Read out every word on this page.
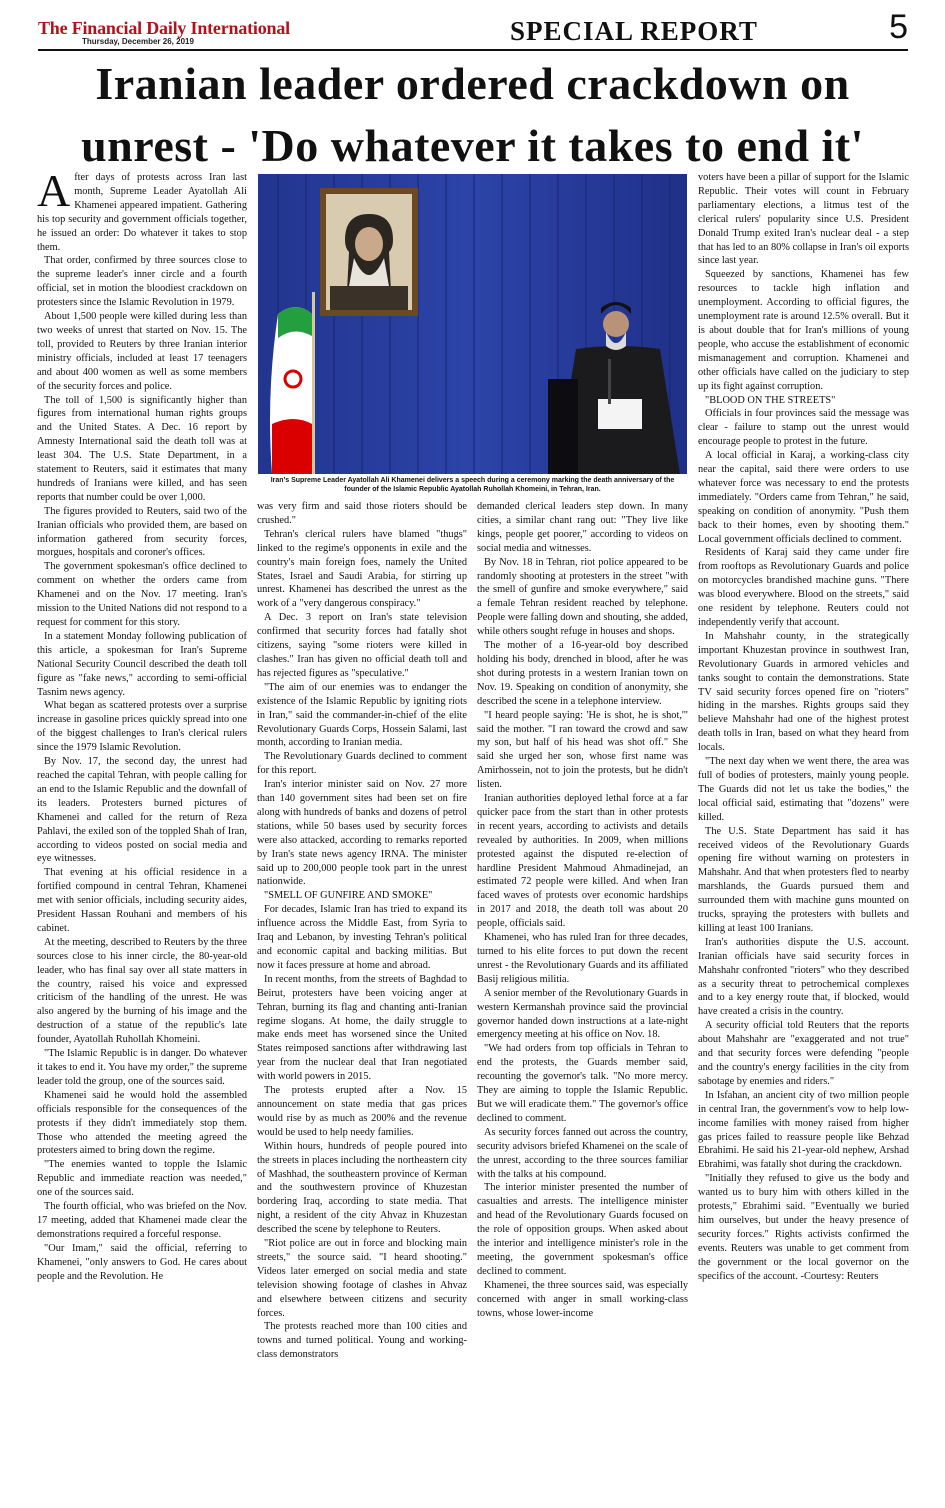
The Financial Daily International
Thursday, December 26, 2019	SPECIAL REPORT	5
Iranian leader ordered crackdown on unrest - 'Do whatever it takes to end it'
Iran's Supreme Leader Ayatollah Ali Khamenei delivers a speech during a ceremony marking the death anniversary of the founder of the Islamic Republic Ayatollah Ruhollah Khomeini, in Tehran, Iran.

After days of protests across Iran last month, Supreme Leader Ayatollah Ali Khamenei appeared impatient. Gathering his top security and government officials together, he issued an order: Do whatever it takes to stop them.

That order, confirmed by three sources close to the supreme leader's inner circle and a fourth official, set in motion the bloodiest crackdown on protesters since the Islamic Revolution in 1979.

About 1,500 people were killed during less than two weeks of unrest that started on Nov. 15. The toll, provided to Reuters by three Iranian interior ministry officials, included at least 17 teenagers and about 400 women as well as some members of the security forces and police.

The toll of 1,500 is significantly higher than figures from international human rights groups and the United States. A Dec. 16 report by Amnesty International said the death toll was at least 304. The U.S. State Department, in a statement to Reuters, said it estimates that many hundreds of Iranians were killed, and has seen reports that number could be over 1,000.

The figures provided to Reuters, said two of the Iranian officials who provided them, are based on information gathered from security forces, morgues, hospitals and coroner's offices.

The government spokesman's office declined to comment on whether the orders came from Khamenei and on the Nov. 17 meeting. Iran's mission to the United Nations did not respond to a request for comment for this story.

In a statement Monday following publication of this article, a spokesman for Iran's Supreme National Security Council described the death toll figure as "fake news," according to semi-official Tasnim news agency.

What began as scattered protests over a surprise increase in gasoline prices quickly spread into one of the biggest challenges to Iran's clerical rulers since the 1979 Islamic Revolution.

By Nov. 17, the second day, the unrest had reached the capital Tehran, with people calling for an end to the Islamic Republic and the downfall of its leaders. Protesters burned pictures of Khamenei and called for the return of Reza Pahlavi, the exiled son of the toppled Shah of Iran, according to videos posted on social media and eye witnesses.

That evening at his official residence in a fortified compound in central Tehran, Khamenei met with senior officials, including security aides, President Hassan Rouhani and members of his cabinet.

At the meeting, described to Reuters by the three sources close to his inner circle, the 80-year-old leader, who has final say over all state matters in the country, raised his voice and expressed criticism of the handling of the unrest. He was also angered by the burning of his image and the destruction of a statue of the republic's late founder, Ayatollah Ruhollah Khomeini.

"The Islamic Republic is in danger. Do whatever it takes to end it. You have my order," the supreme leader told the group, one of the sources said.

Khamenei said he would hold the assembled officials responsible for the consequences of the protests if they didn't immediately stop them. Those who attended the meeting agreed the protesters aimed to bring down the regime.

"The enemies wanted to topple the Islamic Republic and immediate reaction was needed," one of the sources said.

The fourth official, who was briefed on the Nov. 17 meeting, added that Khamenei made clear the demonstrations required a forceful response.

"Our Imam," said the official, referring to Khamenei, "only answers to God. He cares about people and the Revolution. He

was very firm and said those rioters should be crushed."

Tehran's clerical rulers have blamed "thugs" linked to the regime's opponents in exile and the country's main foreign foes, namely the United States, Israel and Saudi Arabia, for stirring up unrest. Khamenei has described the unrest as the work of a "very dangerous conspiracy."

A Dec. 3 report on Iran's state television confirmed that security forces had fatally shot citizens, saying "some rioters were killed in clashes." Iran has given no official death toll and has rejected figures as "speculative."

"The aim of our enemies was to endanger the existence of the Islamic Republic by igniting riots in Iran," said the commander-in-chief of the elite Revolutionary Guards Corps, Hossein Salami, last month, according to Iranian media.

The Revolutionary Guards declined to comment for this report.

Iran's interior minister said on Nov. 27 more than 140 government sites had been set on fire along with hundreds of banks and dozens of petrol stations, while 50 bases used by security forces were also attacked, according to remarks reported by Iran's state news agency IRNA. The minister said up to 200,000 people took part in the unrest nationwide.

"SMELL OF GUNFIRE AND SMOKE"

For decades, Islamic Iran has tried to expand its influence across the Middle East, from Syria to Iraq and Lebanon, by investing Tehran's political and economic capital and backing militias. But now it faces pressure at home and abroad.

In recent months, from the streets of Baghdad to Beirut, protesters have been voicing anger at Tehran, burning its flag and chanting anti-Iranian regime slogans. At home, the daily struggle to make ends meet has worsened since the United States reimposed sanctions after withdrawing last year from the nuclear deal that Iran negotiated with world powers in 2015.

The protests erupted after a Nov. 15 announcement on state media that gas prices would rise by as much as 200% and the revenue would be used to help needy families.

Within hours, hundreds of people poured into the streets in places including the northeastern city of Mashhad, the southeastern province of Kerman and the southwestern province of Khuzestan bordering Iraq, according to state media. That night, a resident of the city Ahvaz in Khuzestan described the scene by telephone to Reuters.

"Riot police are out in force and blocking main streets," the source said. "I heard shooting." Videos later emerged on social media and state television showing footage of clashes in Ahvaz and elsewhere between citizens and security forces.

The protests reached more than 100 cities and towns and turned political. Young and working-class demonstrators

demanded clerical leaders step down. In many cities, a similar chant rang out: "They live like kings, people get poorer," according to videos on social media and witnesses.

By Nov. 18 in Tehran, riot police appeared to be randomly shooting at protesters in the street "with the smell of gunfire and smoke everywhere," said a female Tehran resident reached by telephone. People were falling down and shouting, she added, while others sought refuge in houses and shops.

The mother of a 16-year-old boy described holding his body, drenched in blood, after he was shot during protests in a western Iranian town on Nov. 19. Speaking on condition of anonymity, she described the scene in a telephone interview.

"I heard people saying: 'He is shot, he is shot,'" said the mother. "I ran toward the crowd and saw my son, but half of his head was shot off." She said she urged her son, whose first name was Amirhossein, not to join the protests, but he didn't listen.

Iranian authorities deployed lethal force at a far quicker pace from the start than in other protests in recent years, according to activists and details revealed by authorities. In 2009, when millions protested against the disputed re-election of hardline President Mahmoud Ahmadinejad, an estimated 72 people were killed. And when Iran faced waves of protests over economic hardships in 2017 and 2018, the death toll was about 20 people, officials said.

Khamenei, who has ruled Iran for three decades, turned to his elite forces to put down the recent unrest - the Revolutionary Guards and its affiliated Basij religious militia.

A senior member of the Revolutionary Guards in western Kermanshah province said the provincial governor handed down instructions at a late-night emergency meeting at his office on Nov. 18.

"We had orders from top officials in Tehran to end the protests, the Guards member said, recounting the governor's talk. "No more mercy. They are aiming to topple the Islamic Republic. But we will eradicate them." The governor's office declined to comment.

As security forces fanned out across the country, security advisors briefed Khamenei on the scale of the unrest, according to the three sources familiar with the talks at his compound.

The interior minister presented the number of casualties and arrests. The intelligence minister and head of the Revolutionary Guards focused on the role of opposition groups. When asked about the interior and intelligence minister's role in the meeting, the government spokesman's office declined to comment.

Khamenei, the three sources said, was especially concerned with anger in small working-class towns, whose lower-income

voters have been a pillar of support for the Islamic Republic. Their votes will count in February parliamentary elections, a litmus test of the clerical rulers' popularity since U.S. President Donald Trump exited Iran's nuclear deal - a step that has led to an 80% collapse in Iran's oil exports since last year.

Squeezed by sanctions, Khamenei has few resources to tackle high inflation and unemployment. According to official figures, the unemployment rate is around 12.5% overall. But it is about double that for Iran's millions of young people, who accuse the establishment of economic mismanagement and corruption. Khamenei and other officials have called on the judiciary to step up its fight against corruption.

"BLOOD ON THE STREETS"

Officials in four provinces said the message was clear - failure to stamp out the unrest would encourage people to protest in the future.

A local official in Karaj, a working-class city near the capital, said there were orders to use whatever force was necessary to end the protests immediately. "Orders came from Tehran," he said, speaking on condition of anonymity. "Push them back to their homes, even by shooting them." Local government officials declined to comment.

Residents of Karaj said they came under fire from rooftops as Revolutionary Guards and police on motorcycles brandished machine guns. "There was blood everywhere. Blood on the streets," said one resident by telephone. Reuters could not independently verify that account.

In Mahshahr county, in the strategically important Khuzestan province in southwest Iran, Revolutionary Guards in armored vehicles and tanks sought to contain the demonstrations. State TV said security forces opened fire on "rioters" hiding in the marshes. Rights groups said they believe Mahshahr had one of the highest protest death tolls in Iran, based on what they heard from locals.

"The next day when we went there, the area was full of bodies of protesters, mainly young people. The Guards did not let us take the bodies," the local official said, estimating that "dozens" were killed.

The U.S. State Department has said it has received videos of the Revolutionary Guards opening fire without warning on protesters in Mahshahr. And that when protesters fled to nearby marshlands, the Guards pursued them and surrounded them with machine guns mounted on trucks, spraying the protesters with bullets and killing at least 100 Iranians.

Iran's authorities dispute the U.S. account. Iranian officials have said security forces in Mahshahr confronted "rioters" who they described as a security threat to petrochemical complexes and to a key energy route that, if blocked, would have created a crisis in the country.

A security official told Reuters that the reports about Mahshahr are "exaggerated and not true" and that security forces were defending "people and the country's energy facilities in the city from sabotage by enemies and riders."

In Isfahan, an ancient city of two million people in central Iran, the government's vow to help low-income families with money raised from higher gas prices failed to reassure people like Behzad Ebrahimi. He said his 21-year-old nephew, Arshad Ebrahimi, was fatally shot during the crackdown.

"Initially they refused to give us the body and wanted us to bury him with others killed in the protests," Ebrahimi said. "Eventually we buried him ourselves, but under the heavy presence of security forces." Rights activists confirmed the events. Reuters was unable to get comment from the government or the local governor on the specifics of the account. -Courtesy: Reuters
